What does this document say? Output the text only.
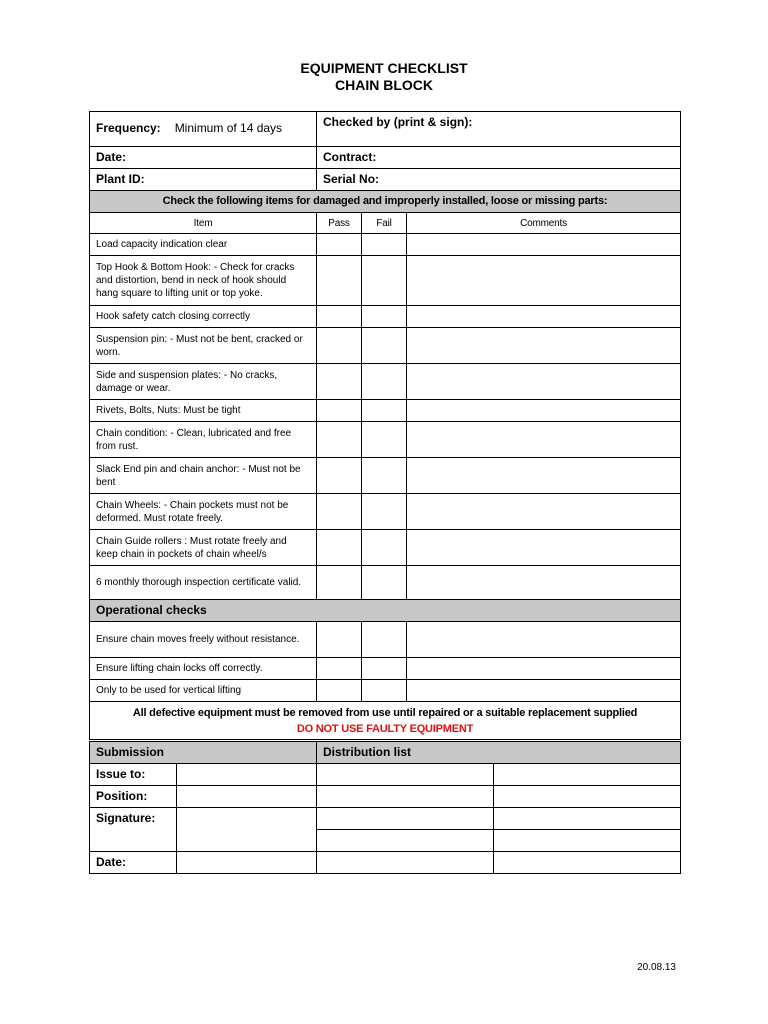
EQUIPMENT CHECKLIST
CHAIN BLOCK
Frequency: Minimum of 14 days	Checked by (print & sign):		
Date:	Contract:		
Plant ID:	Serial No:		
Check the following items for damaged and improperly installed, loose or missing parts:			
Item	Pass	Fail	Comments
Load capacity indication clear			
Top Hook & Bottom Hook: - Check for cracks and distortion, bend in neck of hook should hang square to lifting unit or top yoke.			
Hook safety catch closing correctly			
Suspension pin: - Must not be bent, cracked or worn.			
Side and suspension plates: - No cracks, damage or wear.			
Rivets, Bolts, Nuts: Must be tight			
Chain condition: - Clean, lubricated and free from rust.			
Slack End pin and chain anchor: - Must not be bent			
Chain Wheels: - Chain pockets must not be deformed. Must rotate freely.			
Chain Guide rollers : Must rotate freely and keep chain in pockets of chain wheel/s			
6 monthly thorough inspection certificate valid.			
Operational checks			
Ensure chain moves freely without resistance.			
Ensure lifting chain locks off correctly.			
Only to be used for vertical lifting			

All defective equipment must be removed from use until repaired or a suitable replacement supplied
DO NOT USE FAULTY EQUIPMENT			
Submission		Distribution list	
Issue to:			
Position:			
Signature:			

Date:			
20.08.13
